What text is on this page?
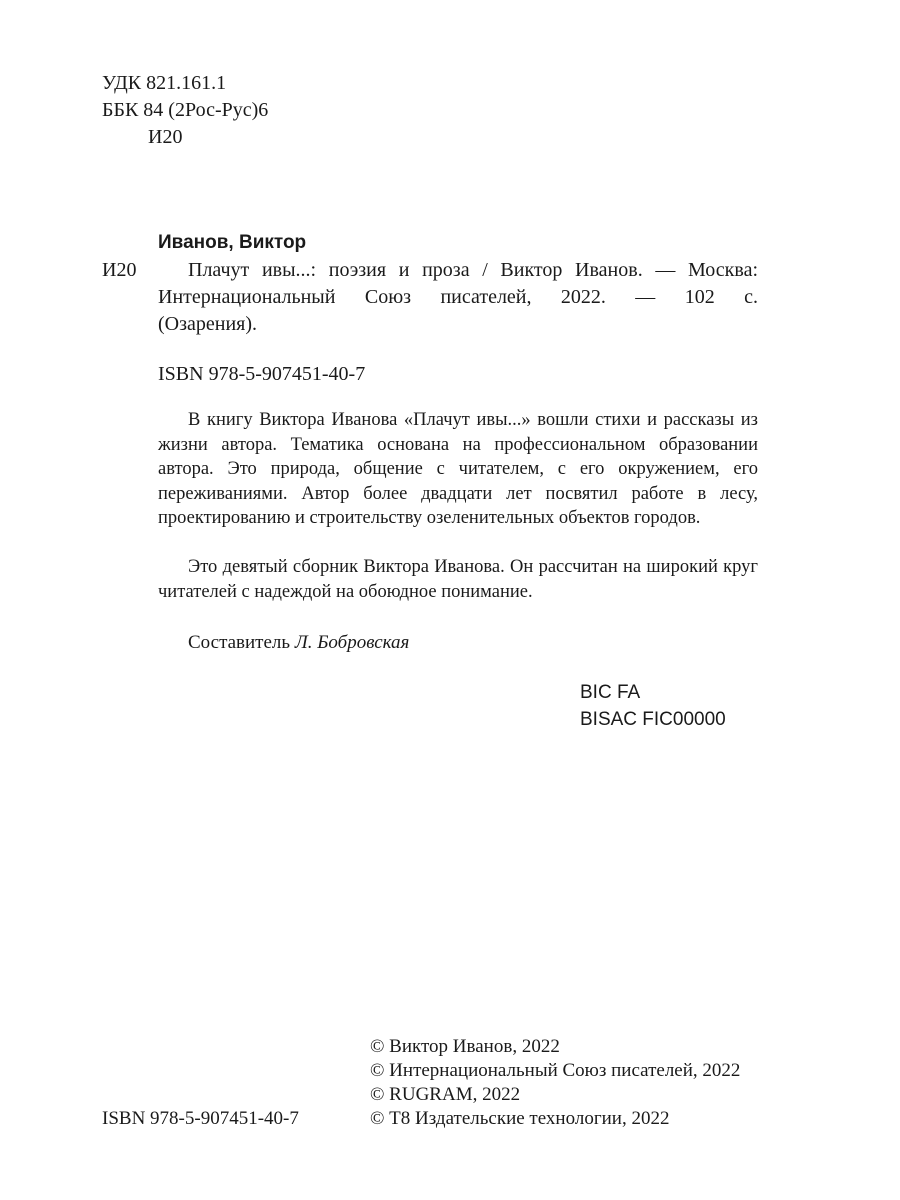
УДК 821.161.1
ББК 84 (2Рос-Рус)6
И20
Иванов, Виктор
И20	Плачут ивы...: поэзия и проза / Виктор Иванов. — Москва:
Интернациональный Союз писателей, 2022. — 102 с.
(Озарения).
ISBN 978-5-907451-40-7
В книгу Виктора Иванова «Плачут ивы...» вошли стихи и рассказы из жизни автора. Тематика основана на профессиональном образовании автора. Это природа, общение с читателем, с его окружением, его переживаниями. Автор более двадцати лет посвятил работе в лесу, проектированию и строительству озеленительных объектов городов.
Это девятый сборник Виктора Иванова. Он рассчитан на широкий круг читателей с надеждой на обоюдное понимание.
Составитель Л. Бобровская
BIC FA
BISAC FIC00000
ISBN 978-5-907451-40-7
© Виктор Иванов, 2022
© Интернациональный Союз писателей, 2022
© RUGRAM, 2022
© Т8 Издательские технологии, 2022
